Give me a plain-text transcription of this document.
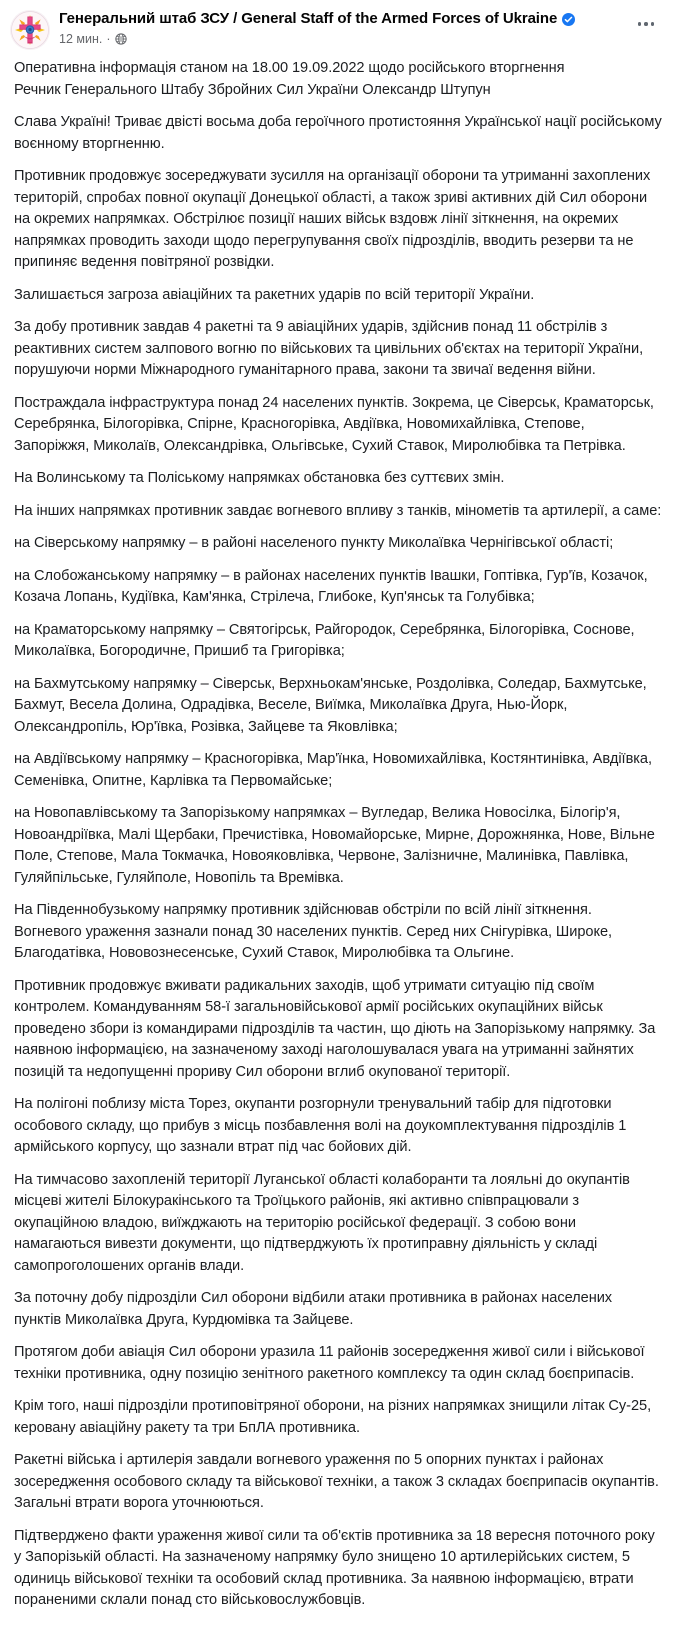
Генеральний штаб ЗСУ / General Staff of the Armed Forces of Ukraine
12 мин. ·

Оперативна інформація станом на 18.00 19.09.2022 щодо російського вторгнення

Речник Генерального Штабу Збройних Сил України Олександр Штупун

Слава Україні! Триває двісті восьма доба героїчного протистояння Української нації російському воєнному вторгненню.

Противник продовжує зосереджувати зусилля на організації оборони та утриманні захоплених територій, спробах повної окупації Донецької області, а також зриві активних дій Сил оборони на окремих напрямках. Обстрілює позиції наших військ вздовж лінії зіткнення, на окремих напрямках проводить заходи щодо перегрупування своїх підрозділів, вводить резерви та не припиняє ведення повітряної розвідки.

Залишається загроза авіаційних та ракетних ударів по всій території України.

За добу противник завдав 4 ракетні та 9 авіаційних ударів, здійснив понад 11 обстрілів з реактивних систем залпового вогню по військових та цивільних об'єктах на території України, порушуючи норми Міжнародного гуманітарного права, закони та звичаї ведення війни.

Постраждала інфраструктура понад 24 населених пунктів. Зокрема, це Сіверськ, Краматорськ, Серебрянка, Білогорівка, Спірне, Красногорівка, Авдіївка, Новомихайлівка, Степове, Запоріжжя, Миколаїв, Олександрівка, Ольгівське, Сухий Ставок, Миролюбівка та Петрівка.

На Волинському та Поліському напрямках обстановка без суттєвих змін.

На інших напрямках противник завдає вогневого впливу з танків, мінометів та артилерії, а саме:

на Сіверському напрямку – в районі населеного пункту Миколаївка Чернігівської області;

на Слобожанському напрямку – в районах населених пунктів Івашки, Гоптівка, Гур'їв, Козачок, Козача Лопань, Кудіївка, Кам'янка, Стрілеча, Глибоке, Куп'янськ та Голубівка;

на Краматорському напрямку – Святогірськ, Райгородок, Серебрянка, Білогорівка, Соснове, Миколаївка, Богородичне, Пришиб та Григорівка;

на Бахмутському напрямку – Сіверськ, Верхньокам'янське, Роздолівка, Соледар, Бахмутське, Бахмут, Весела Долина, Одрадівка, Веселе, Виїмка, Миколаївка Друга, Нью-Йорк, Олександропіль, Юр'ївка, Розівка, Зайцеве та Яковлівка;

на Авдіївському напрямку – Красногорівка, Мар'їнка, Новомихайлівка, Костянтинівка, Авдіївка, Семенівка, Опитне, Карлівка та Первомайське;

на Новопавлівському та Запорізькому напрямках – Вугледар, Велика Новосілка, Білогір'я, Новоандріївка, Малі Щербаки, Пречистівка, Новомайорське, Мирне, Дорожнянка, Нове, Вільне Поле, Степове, Мала Токмачка, Новояковлівка, Червоне, Залізничне, Малинівка, Павлівка, Гуляйпільське, Гуляйполе, Новопіль та Времівка.

На Південнобузькому напрямку противник здійснював обстріли по всій лінії зіткнення. Вогневого ураження зазнали понад 30 населених пунктів. Серед них Снігурівка, Широке, Благодатівка, Нововознесенське, Сухий Ставок, Миролюбівка та Ольгине.

Противник продовжує вживати радикальних заходів, щоб утримати ситуацію під своїм контролем. Командуванням 58-ї загальновійськової армії російських окупаційних військ проведено збори із командирами підрозділів та частин, що діють на Запорізькому напрямку. За наявною інформацією, на зазначеному заході наголошувалася увага на утриманні зайнятих позицій та недопущенні прориву Сил оборони вглиб окупованої території.

На полігоні поблизу міста Торез, окупанти розгорнули тренувальний табір для підготовки особового складу, що прибув з місць позбавлення волі на доукомплектування підрозділів 1 армійського корпусу, що зазнали втрат під час бойових дій.

На тимчасово захопленій території Луганської області колаборанти та лояльні до окупантів місцеві жителі Білокуракінського та Троїцького районів, які активно співпрацювали з окупаційною владою, виїжджають на територію російської федерації. З собою вони намагаються вивезти документи, що підтверджують їх протиправну діяльність у складі самопроголошених органів влади.

За поточну добу підрозділи Сил оборони відбили атаки противника в районах населених пунктів Миколаївка Друга, Курдюмівка та Зайцеве.

Протягом доби авіація Сил оборони уразила 11 районів зосередження живої сили і військової техніки противника, одну позицію зенітного ракетного комплексу та один склад боєприпасів.

Крім того, наші підрозділи протиповітряної оборони, на різних напрямках знищили літак Су-25, керовану авіаційну ракету та три БпЛА противника.

Ракетні війська і артилерія завдали вогневого ураження по 5 опорних пунктах і районах зосередження особового складу та військової техніки, а також 3 складах боєприпасів окупантів. Загальні втрати ворога уточнюються.

Підтверджено факти ураження живої сили та об'єктів противника за 18 вересня поточного року у Запорізькій області. На зазначеному напрямку було знищено 10 артилерійських систем, 5 одиниць військової техніки та особовий склад противника. За наявною інформацією, втрати пораненими склали понад сто військовослужбовців.
